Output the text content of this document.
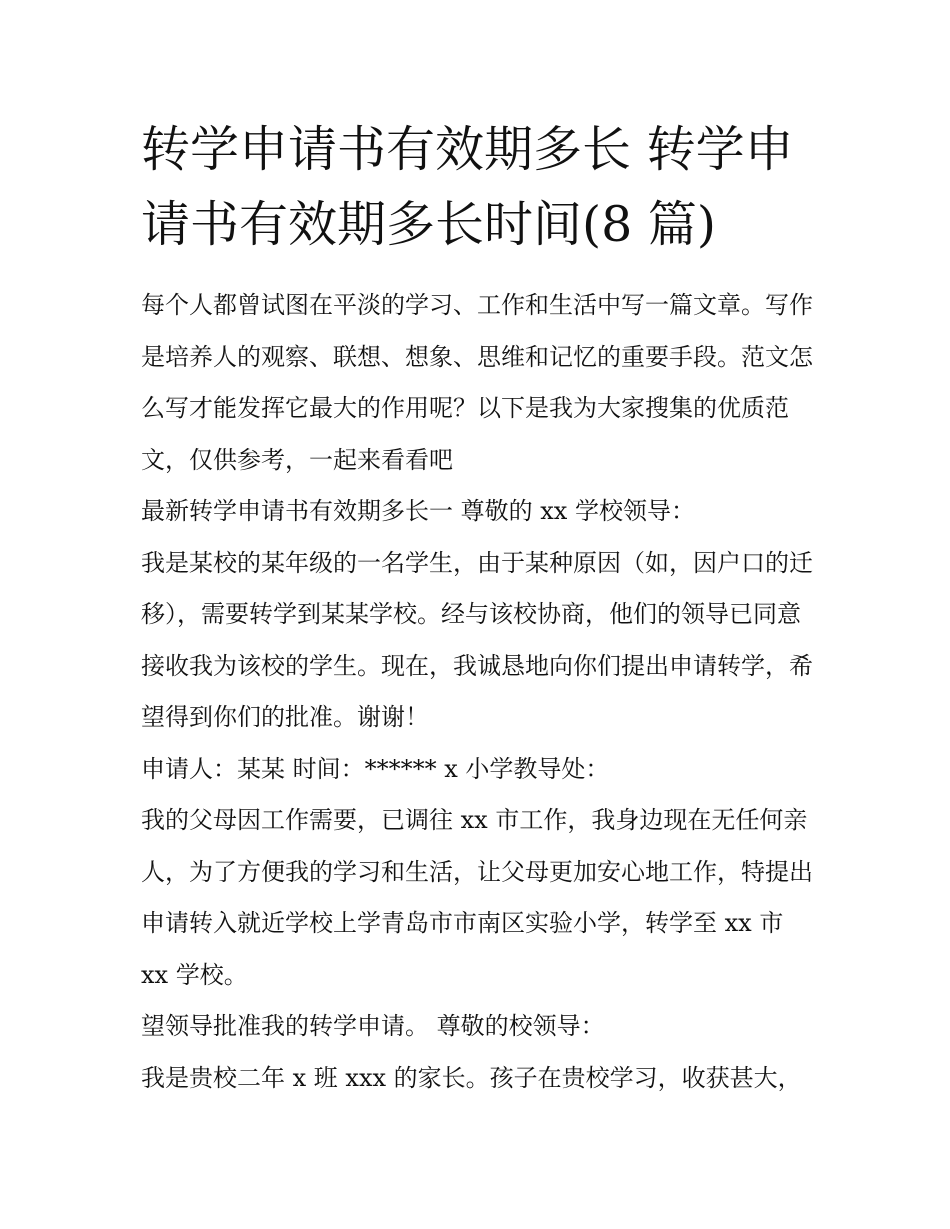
转学申请书有效期多长 转学申请书有效期多长时间(8 篇)

每个人都曾试图在平淡的学习、工作和生活中写一篇文章。写作是培养人的观察、联想、想象、思维和记忆的重要手段。范文怎么写才能发挥它最大的作用呢？以下是我为大家搜集的优质范文，仅供参考，一起来看看吧

最新转学申请书有效期多长一 尊敬的 xx 学校领导：

我是某校的某年级的一名学生，由于某种原因（如，因户口的迁移），需要转学到某某学校。经与该校协商，他们的领导已同意接收我为该校的学生。现在，我诚恳地向你们提出申请转学，希望得到你们的批准。谢谢！

申请人：某某 时间：****** x 小学教导处：

我的父母因工作需要，已调往 xx 市工作，我身边现在无任何亲人，为了方便我的学习和生活，让父母更加安心地工作，特提出申请转入就近学校上学青岛市市南区实验小学，转学至 xx 市 xx 学校。

望领导批准我的转学申请。 尊敬的校领导：

我是贵校二年 x 班 xxx 的家长。孩子在贵校学习，收获甚大，
